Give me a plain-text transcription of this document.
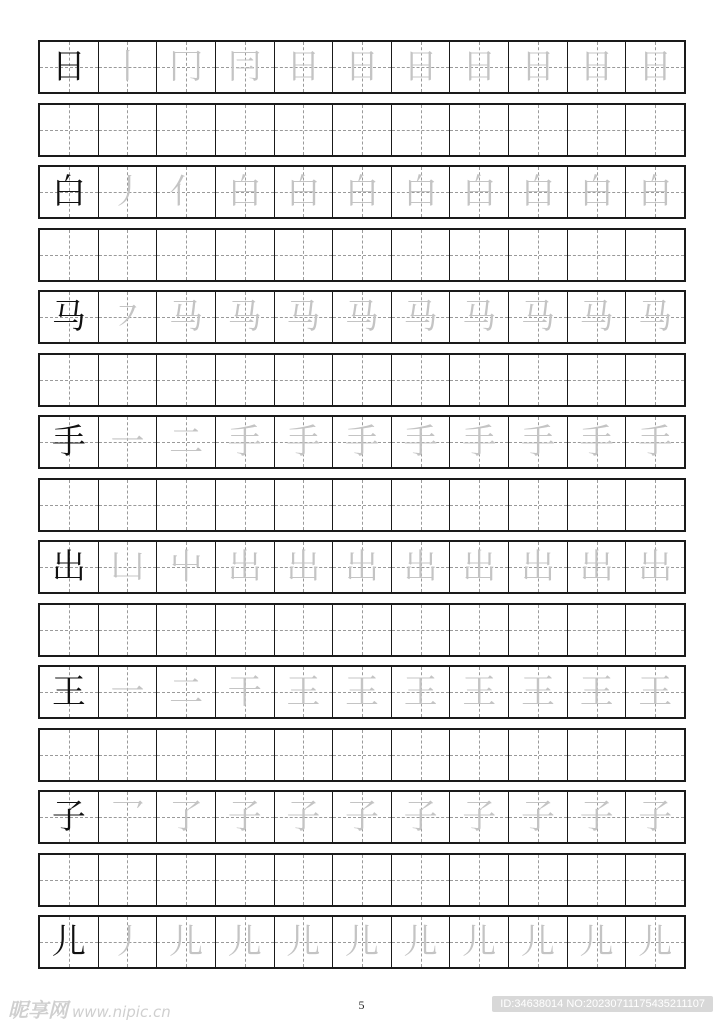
日 丨 冂 冃 日 日 日 日 日 日 日
白 丿 亻 白 白 白 白 白 白 白 白
马 ㇇ 马 马 马 马 马 马 马 马 马
手 一 二 手 手 手 手 手 手 手 手
出 凵 屮 出 出 出 出 出 出 出 出
王 一 二 干 王 王 王 王 王 王 王
子 乛 了 子 子 子 子 子 子 子 子
儿 丿 儿 儿 儿 儿 儿 儿 儿 儿 儿
5
昵享网 www.nipic.cn	ID:34638014 NO:20230711175435211107
